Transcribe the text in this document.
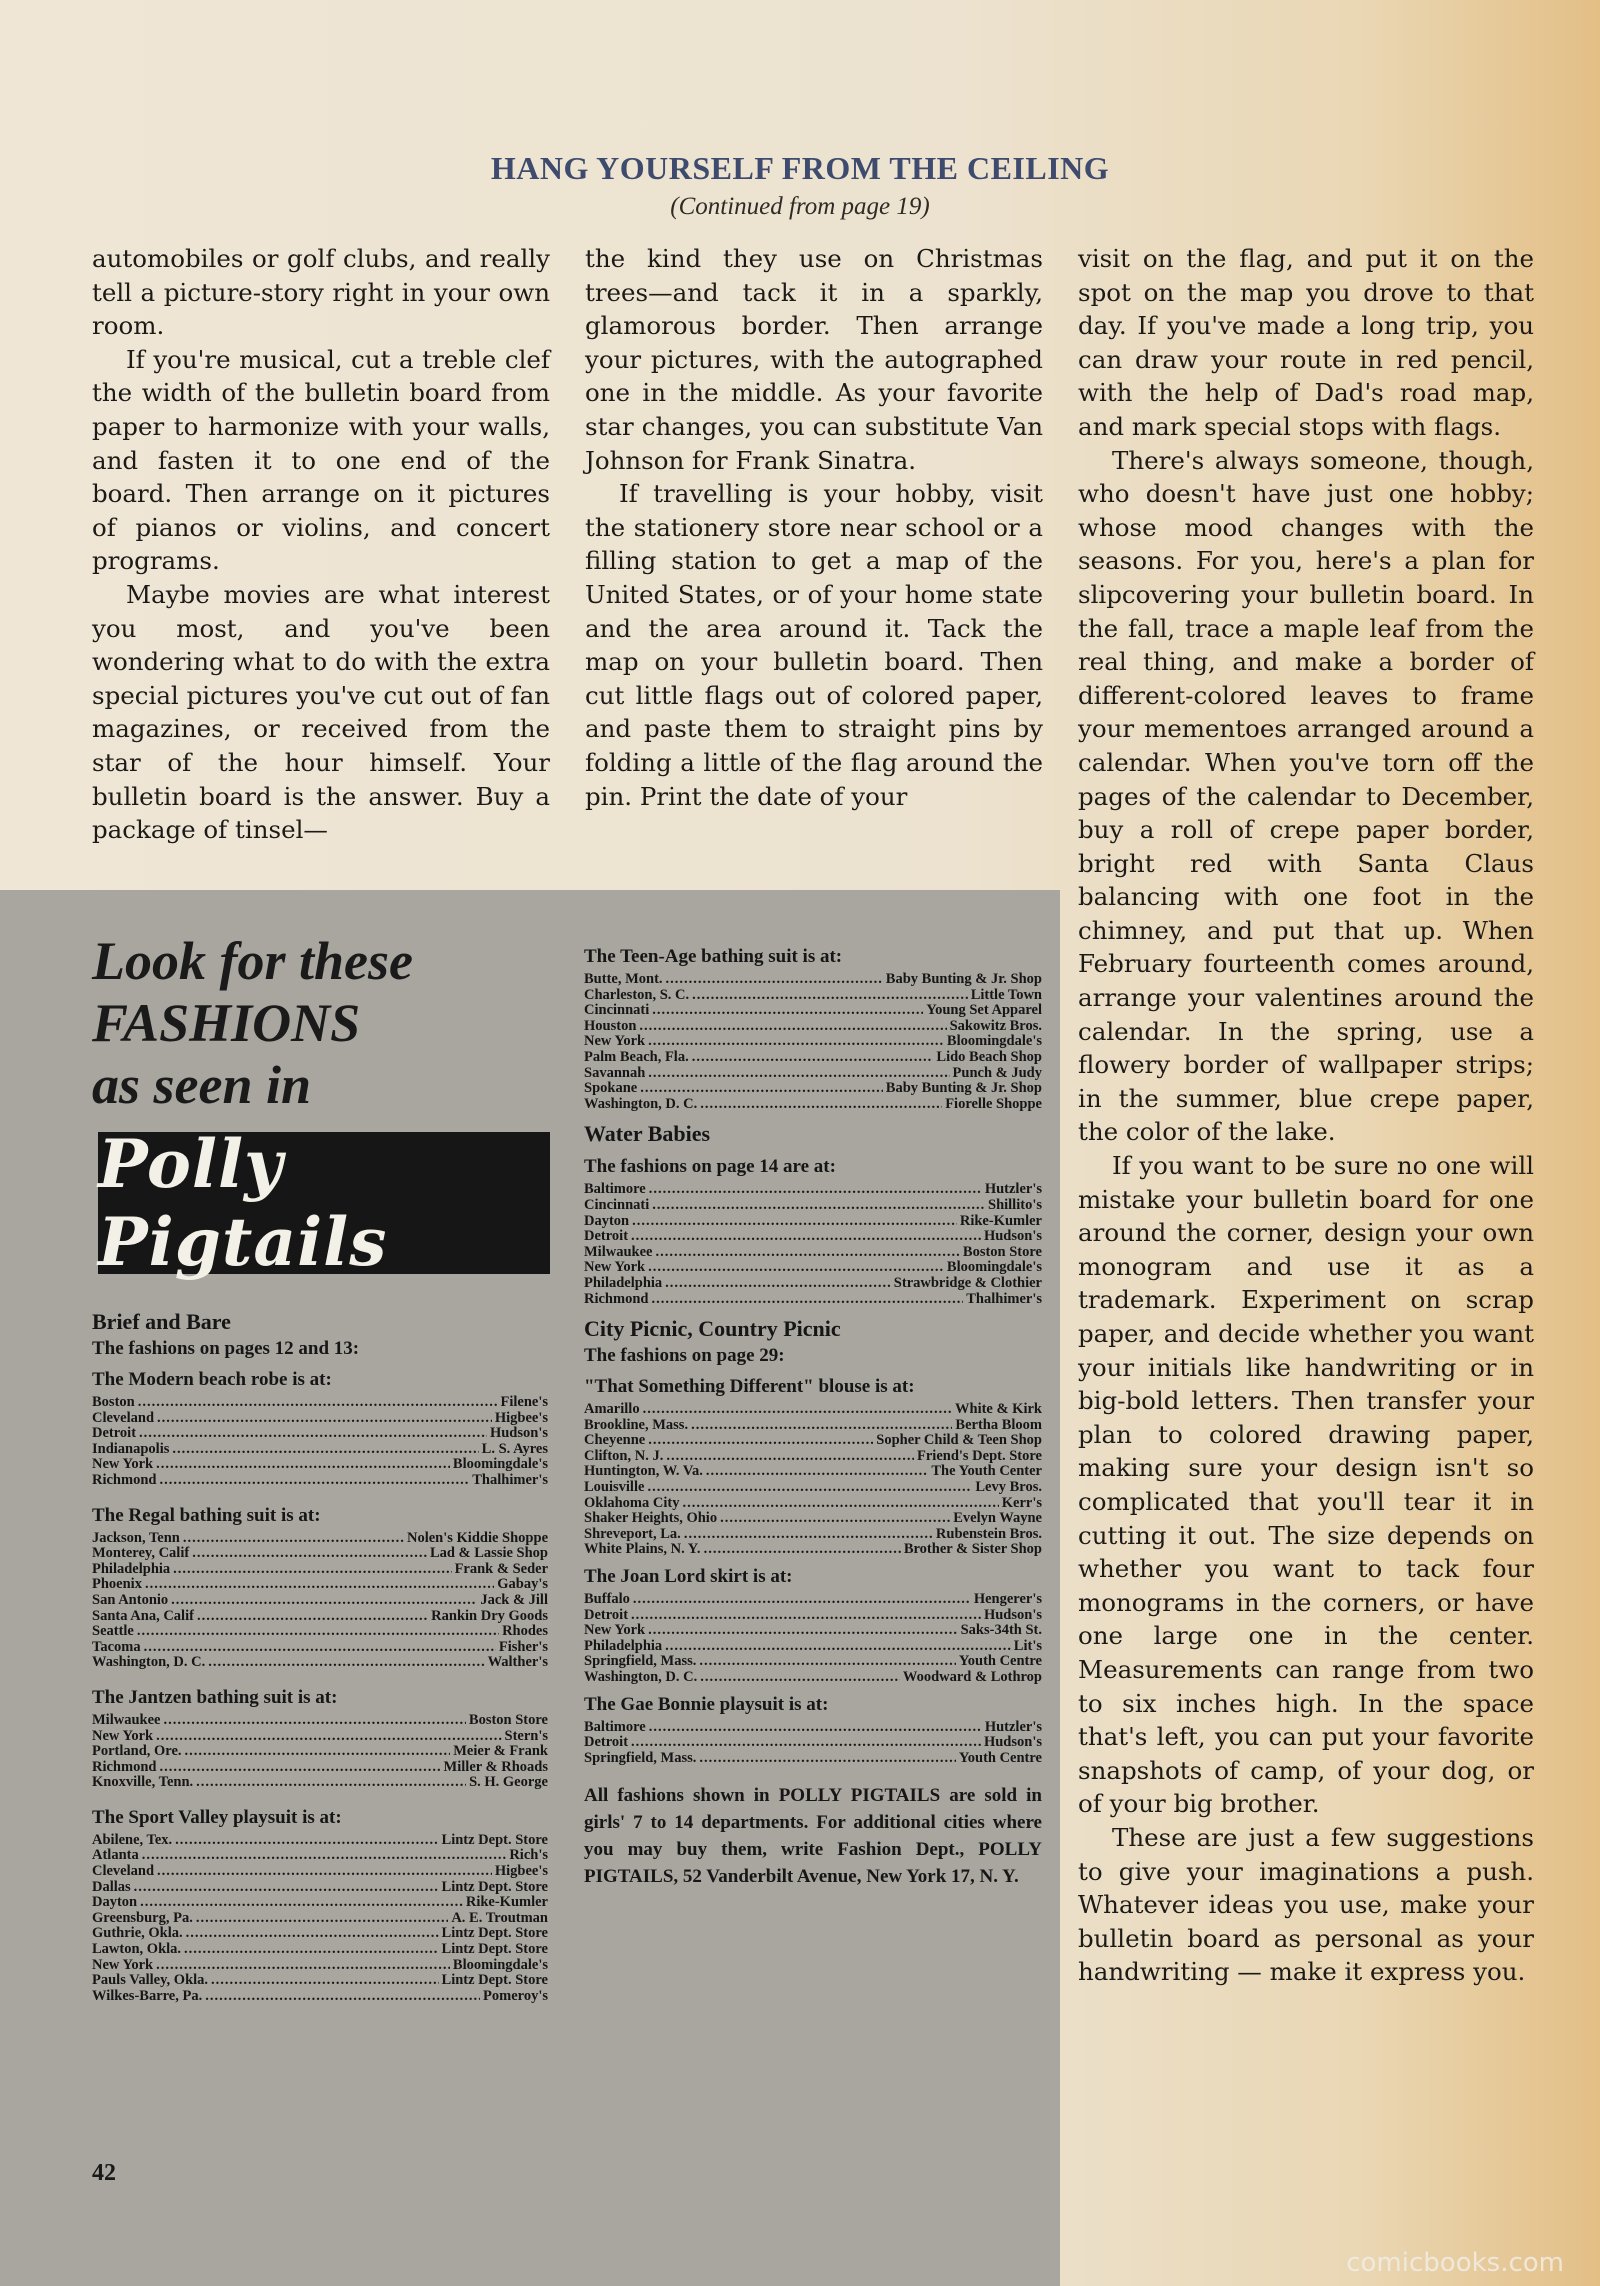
HANG YOURSELF FROM THE CEILING
(Continued from page 19)

automobiles or golf clubs, and really tell a picture-story right in your own room.

If you're musical, cut a treble clef the width of the bulletin board from paper to harmonize with your walls, and fasten it to one end of the board. Then arrange on it pictures of pianos or violins, and concert programs.

Maybe movies are what interest you most, and you've been wondering what to do with the extra special pictures you've cut out of fan magazines, or received from the star of the hour himself. Your bulletin board is the answer. Buy a package of tinsel—

the kind they use on Christmas trees—and tack it in a sparkly, glamorous border. Then arrange your pictures, with the autographed one in the middle. As your favorite star changes, you can substitute Van Johnson for Frank Sinatra.

If travelling is your hobby, visit the stationery store near school or a filling station to get a map of the United States, or of your home state and the area around it. Tack the map on your bulletin board. Then cut little flags out of colored paper, and paste them to straight pins by folding a little of the flag around the pin. Print the date of your

visit on the flag, and put it on the spot on the map you drove to that day. If you've made a long trip, you can draw your route in red pencil, with the help of Dad's road map, and mark special stops with flags.

There's always someone, though, who doesn't have just one hobby; whose mood changes with the seasons. For you, here's a plan for slipcovering your bulletin board. In the fall, trace a maple leaf from the real thing, and make a border of different-colored leaves to frame your mementoes arranged around a calendar. When you've torn off the pages of the calendar to December, buy a roll of crepe paper border, bright red with Santa Claus balancing with one foot in the chimney, and put that up. When February fourteenth comes around, arrange your valentines around the calendar. In the spring, use a flowery border of wallpaper strips; in the summer, blue crepe paper, the color of the lake.

If you want to be sure no one will mistake your bulletin board for one around the corner, design your own monogram and use it as a trademark. Experiment on scrap paper, and decide whether you want your initials like handwriting or in big-bold letters. Then transfer your plan to colored drawing paper, making sure your design isn't so complicated that you'll tear it in cutting it out. The size depends on whether you want to tack four monograms in the corners, or have one large one in the center. Measurements can range from two to six inches high. In the space that's left, you can put your favorite snapshots of camp, of your dog, or of your big brother.

These are just a few suggestions to give your imaginations a push. Whatever ideas you use, make your bulletin board as personal as your handwriting — make it express you.

Look for these
FASHIONS
as seen in
Polly Pigtails

Brief and Bare

The fashions on pages 12 and 13:

The Modern beach robe is at:

Boston .....	Filene's
Cleveland .....	Higbee's
Detroit .....	Hudson's
Indianapolis .....	L. S. Ayres
New York .....	Bloomingdale's
Richmond .....	Thalhimer's

The Regal bathing suit is at:

Jackson, Tenn .....	Nolen's Kiddie Shoppe
Monterey, Calif .....	Lad & Lassie Shop
Philadelphia .....	Frank & Seder
Phoenix .....	Gabay's
San Antonio .....	Jack & Jill
Santa Ana, Calif .....	Rankin Dry Goods
Seattle .....	Rhodes
Tacoma .....	Fisher's
Washington, D. C. .....	Walther's

The Jantzen bathing suit is at:

Milwaukee .....	Boston Store
New York .....	Stern's
Portland, Ore. .....	Meier & Frank
Richmond .....	Miller & Rhoads
Knoxville, Tenn. .....	S. H. George

The Sport Valley playsuit is at:

Abilene, Tex. .....	Lintz Dept. Store
Atlanta .....	Rich's
Cleveland .....	Higbee's
Dallas .....	Lintz Dept. Store
Dayton .....	Rike-Kumler
Greensburg, Pa. .....	A. E. Troutman
Guthrie, Okla. .....	Lintz Dept. Store
Lawton, Okla. .....	Lintz Dept. Store
New York .....	Bloomingdale's
Pauls Valley, Okla. .....	Lintz Dept. Store
Wilkes-Barre, Pa. .....	Pomeroy's

The Teen-Age bathing suit is at:

Butte, Mont. .....	Baby Bunting & Jr. Shop
Charleston, S. C. .....	Little Town
Cincinnati .....	Young Set Apparel
Houston .....	Sakowitz Bros.
New York .....	Bloomingdale's
Palm Beach, Fla. .....	Lido Beach Shop
Savannah .....	Punch & Judy
Spokane .....	Baby Bunting & Jr. Shop
Washington, D. C. .....	Fiorelle Shoppe

Water Babies

The fashions on page 14 are at:

Baltimore .....	Hutzler's
Cincinnati .....	Shillito's
Dayton .....	Rike-Kumler
Detroit .....	Hudson's
Milwaukee .....	Boston Store
New York .....	Bloomingdale's
Philadelphia .....	Strawbridge & Clothier
Richmond .....	Thalhimer's

City Picnic, Country Picnic

The fashions on page 29:

"That Something Different" blouse is at:

Amarillo .....	White & Kirk
Brookline, Mass. .....	Bertha Bloom
Cheyenne .....	Sopher Child & Teen Shop
Clifton, N. J. .....	Friend's Dept. Store
Huntington, W. Va. .....	The Youth Center
Louisville .....	Levy Bros.
Oklahoma City .....	Kerr's
Shaker Heights, Ohio .....	Evelyn Wayne
Shreveport, La. .....	Rubenstein Bros.
White Plains, N. Y. .....	Brother & Sister Shop

The Joan Lord skirt is at:

Buffalo .....	Hengerer's
Detroit .....	Hudson's
New York .....	Saks-34th St.
Philadelphia .....	Lit's
Springfield, Mass. .....	Youth Centre
Washington, D. C. .....	Woodward & Lothrop

The Gae Bonnie playsuit is at:

Baltimore .....	Hutzler's
Detroit .....	Hudson's
Springfield, Mass. .....	Youth Centre

All fashions shown in POLLY PIGTAILS are sold in girls' 7 to 14 departments. For additional cities where you may buy them, write Fashion Dept., POLLY PIGTAILS, 52 Vanderbilt Avenue, New York 17, N. Y.

42
comicbooks.com
